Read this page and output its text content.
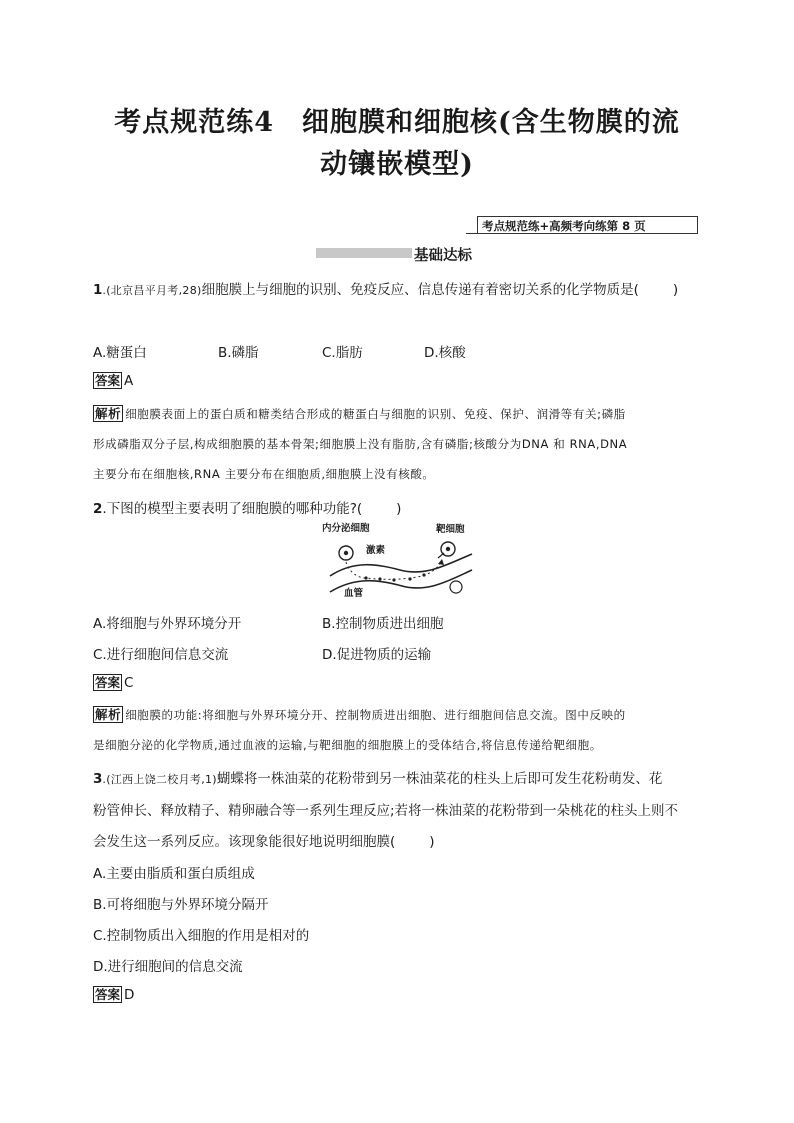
考点规范练4　细胞膜和细胞核(含生物膜的流
动镶嵌模型)
考点规范练+高频考向练第 8 页
基础达标
1.(北京昌平月考,28)细胞膜上与细胞的识别、免疫反应、信息传递有着密切关系的化学物质是(	)
A.糖蛋白	B.磷脂	C.脂肪	D.核酸
答案 A
解析 细胞膜表面上的蛋白质和糖类结合形成的糖蛋白与细胞的识别、免疫、保护、润滑等有关;磷脂
形成磷脂双分子层,构成细胞膜的基本骨架;细胞膜上没有脂肪,含有磷脂;核酸分为DNA 和 RNA,DNA
主要分布在细胞核,RNA 主要分布在细胞质,细胞膜上没有核酸。
2.下图的模型主要表明了细胞膜的哪种功能?(	)
内分泌细胞	靶细胞
激素
血管
A.将细胞与外界环境分开	B.控制物质进出细胞
C.进行细胞间信息交流	D.促进物质的运输
答案 C
解析 细胞膜的功能:将细胞与外界环境分开、控制物质进出细胞、进行细胞间信息交流。图中反映的
是细胞分泌的化学物质,通过血液的运输,与靶细胞的细胞膜上的受体结合,将信息传递给靶细胞。
3.(江西上饶二校月考,1)蝴蝶将一株油菜的花粉带到另一株油菜花的柱头上后即可发生花粉萌发、花
粉管伸长、释放精子、精卵融合等一系列生理反应;若将一株油菜的花粉带到一朵桃花的柱头上则不
会发生这一系列反应。该现象能很好地说明细胞膜(	)
A.主要由脂质和蛋白质组成
B.可将细胞与外界环境分隔开
C.控制物质出入细胞的作用是相对的
D.进行细胞间的信息交流
答案 D
